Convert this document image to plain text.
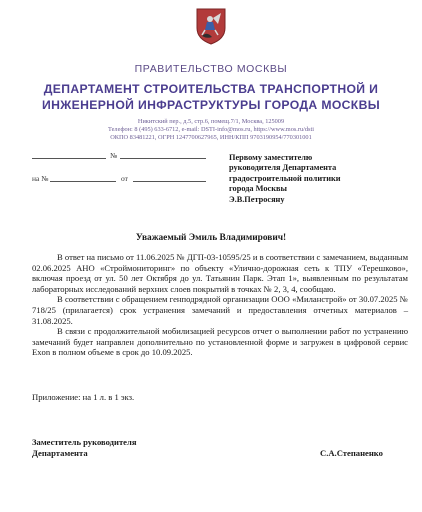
ПРАВИТЕЛЬСТВО МОСКВЫ
ДЕПАРТАМЕНТ СТРОИТЕЛЬСТВА ТРАНСПОРТНОЙ И
ИНЖЕНЕРНОЙ ИНФРАСТРУКТУРЫ ГОРОДА МОСКВЫ
Никитский пер., д.5, стр.6, помещ.7/1, Москва, 125009
Телефон: 8 (495) 633-6712, e-mail: DSTI-info@mos.ru, https://www.mos.ru/dsti
ОКПО 83481221, ОГРН 1247700627965, ИНН/КПП 9703190954/770301001
№
на №	от
Первому заместителю
руководителя Департамента
градостроительной политики
города Москвы
Э.В.Петросяну
Уважаемый Эмиль Владимирович!

В ответ на письмо от 11.06.2025 № ДГП-03-10595/25 и в соответствии с замечанием, выданным 02.06.2025 АНО «Строймониторинг» по объекту «Улично-дорожная сеть к ТПУ «Терешково», включая проезд от ул. 50 лет Октября до ул. Татьянин Парк. Этап 1», выявленным по результатам лабораторных исследований верхних слоев покрытий в точках № 2, 3, 4, сообщаю.

В соответствии с обращением генподрядной организации ООО «Миланстрой» от 30.07.2025 № 718/25 (прилагается) срок устранения замечаний и предоставления отчетных материалов – 31.08.2025.

В связи с продолжительной мобилизацией ресурсов отчет о выполнении работ по устранению замечаний будет направлен дополнительно по установленной форме и загружен в цифровой сервис Exon в полном объеме в срок до 10.09.2025.

Приложение: на 1 л. в 1 экз.
Заместитель руководителя
Департамента	С.А.Степаненко
